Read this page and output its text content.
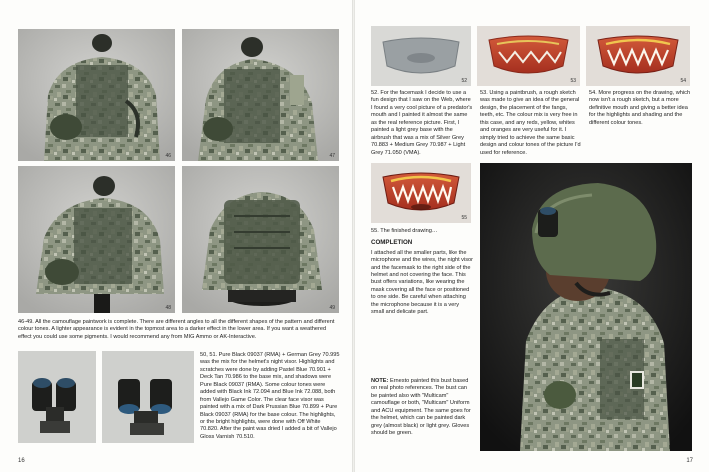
46	47
48	49

46-49. All the camouflage paintwork is complete. There are different angles to all the different shapes of the pattern and different colour tones. A lighter appearance is evident in the topmost area to a darker effect in the lower area. If you want a weathered effect you could use some pigments. I would recommend any from MIG Ammo or AK-Interactive.

50, 51. Pure Black 09037 (RMA) + German Grey 70.995 was the mix for the helmet's night visor. Highlights and scratches were done by adding Pastel Blue 70.901 + Deck Tan 70.986 to the base mix, and shadows were Pure Black 09037 (RMA). Some colour tones were added with Black Ink 72.094 and Blue Ink 72.088, both from Vallejo Game Color. The clear face visor was painted with a mix of Dark Prussian Blue 70.899 + Pure Black 09037 (RMA) for the base colour. The highlights, or the bright highlights, were done with Off White 70.820. After the paint was dried I added a bit of Vallejo Gloss Varnish 70.510.

16
52	53	54

52. For the facemask I decide to use a fun design that I saw on the Web, where I found a very cool picture of a predator's mouth and I painted it almost the same as the real reference picture. First, I painted a light grey base with the airbrush that was a mix of Silver Grey 70.883 + Medium Grey 70.987 + Light Grey 71.050 (VMA).

53. Using a paintbrush, a rough sketch was made to give an idea of the general design, the placement of the fangs, teeth, etc. The colour mix is very free in this case, and any reds, yellow, whites and oranges are very useful for it. I simply tried to achieve the same basic design and colour tones of the picture I'd used for reference.

54. More progress on the drawing, which now isn't a rough sketch, but a more definitive mouth and giving a better idea for the highlights and shading and the different colour tones.

55

55. The finished drawing…

COMPLETION

I attached all the smaller parts, like the microphone and the wires, the night visor and the facemask to the right side of the helmet and not covering the face. This bust offers variations, like wearing the mask covering all the face or positioned to one side. Be careful when attaching the microphone because it is a very small and delicate part.

NOTE: Ernesto painted this bust based on real photo references. The bust can be painted also with "Multicam" camouflage or both, "Multicam" Uniform and ACU equipment. The same goes for the helmet, which can be painted dark grey (almost black) or light grey. Gloves should be green.

17
